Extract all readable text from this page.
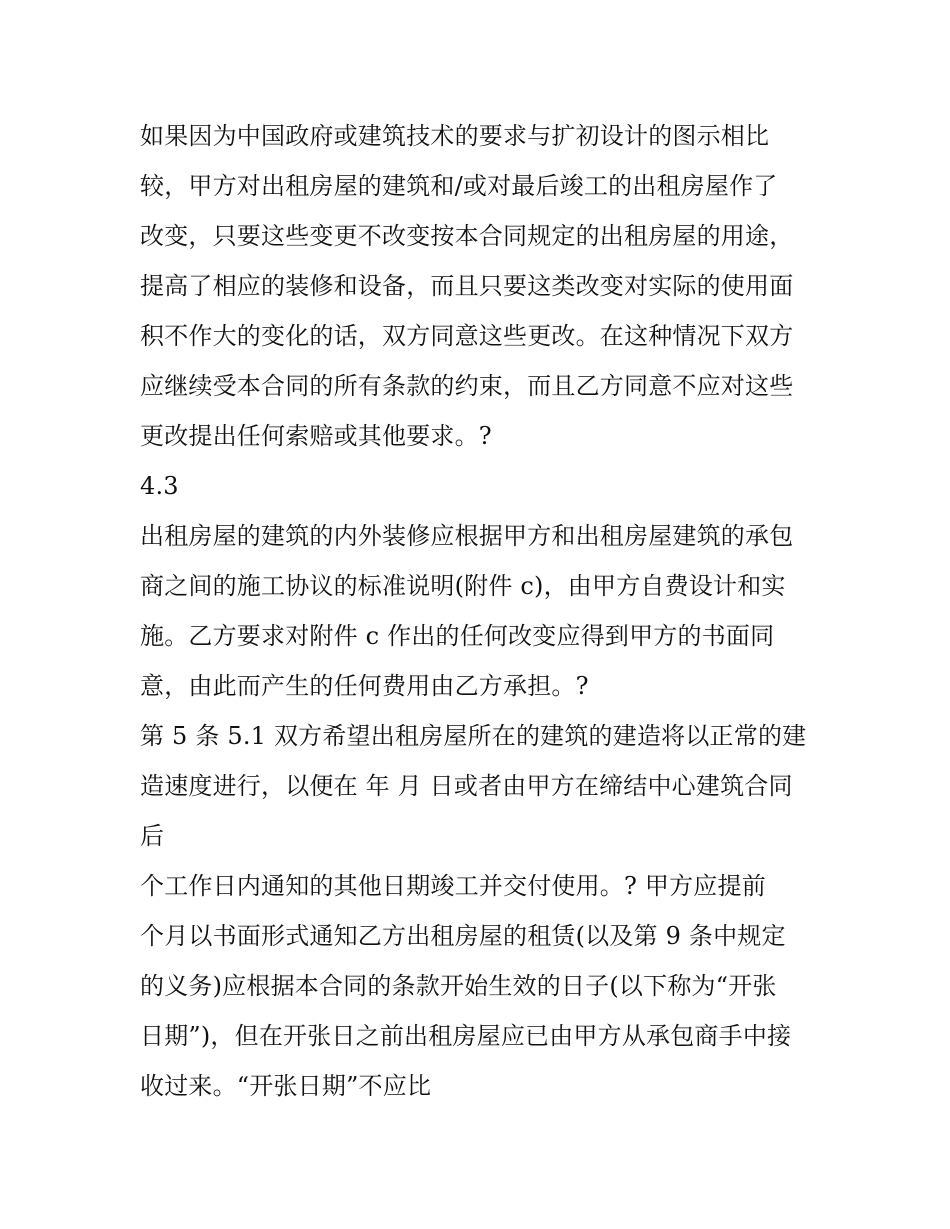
如果因为中国政府或建筑技术的要求与扩初设计的图示相比
较，甲方对出租房屋的建筑和/或对最后竣工的出租房屋作了
改变，只要这些变更不改变按本合同规定的出租房屋的用途，
提高了相应的装修和设备，而且只要这类改变对实际的使用面
积不作大的变化的话，双方同意这些更改。在这种情况下双方
应继续受本合同的所有条款的约束，而且乙方同意不应对这些
更改提出任何索赔或其他要求。?
4.3
出租房屋的建筑的内外装修应根据甲方和出租房屋建筑的承包
商之间的施工协议的标准说明(附件 c)，由甲方自费设计和实
施。乙方要求对附件 c 作出的任何改变应得到甲方的书面同
意，由此而产生的任何费用由乙方承担。?
第 5 条 5.1 双方希望出租房屋所在的建筑的建造将以正常的建
造速度进行，以便在 年 月 日或者由甲方在缔结中心建筑合同
后
个工作日内通知的其他日期竣工并交付使用。? 甲方应提前
个月以书面形式通知乙方出租房屋的租赁(以及第 9 条中规定
的义务)应根据本合同的条款开始生效的日子(以下称为“开张
日期”)，但在开张日之前出租房屋应已由甲方从承包商手中接
收过来。“开张日期”不应比
